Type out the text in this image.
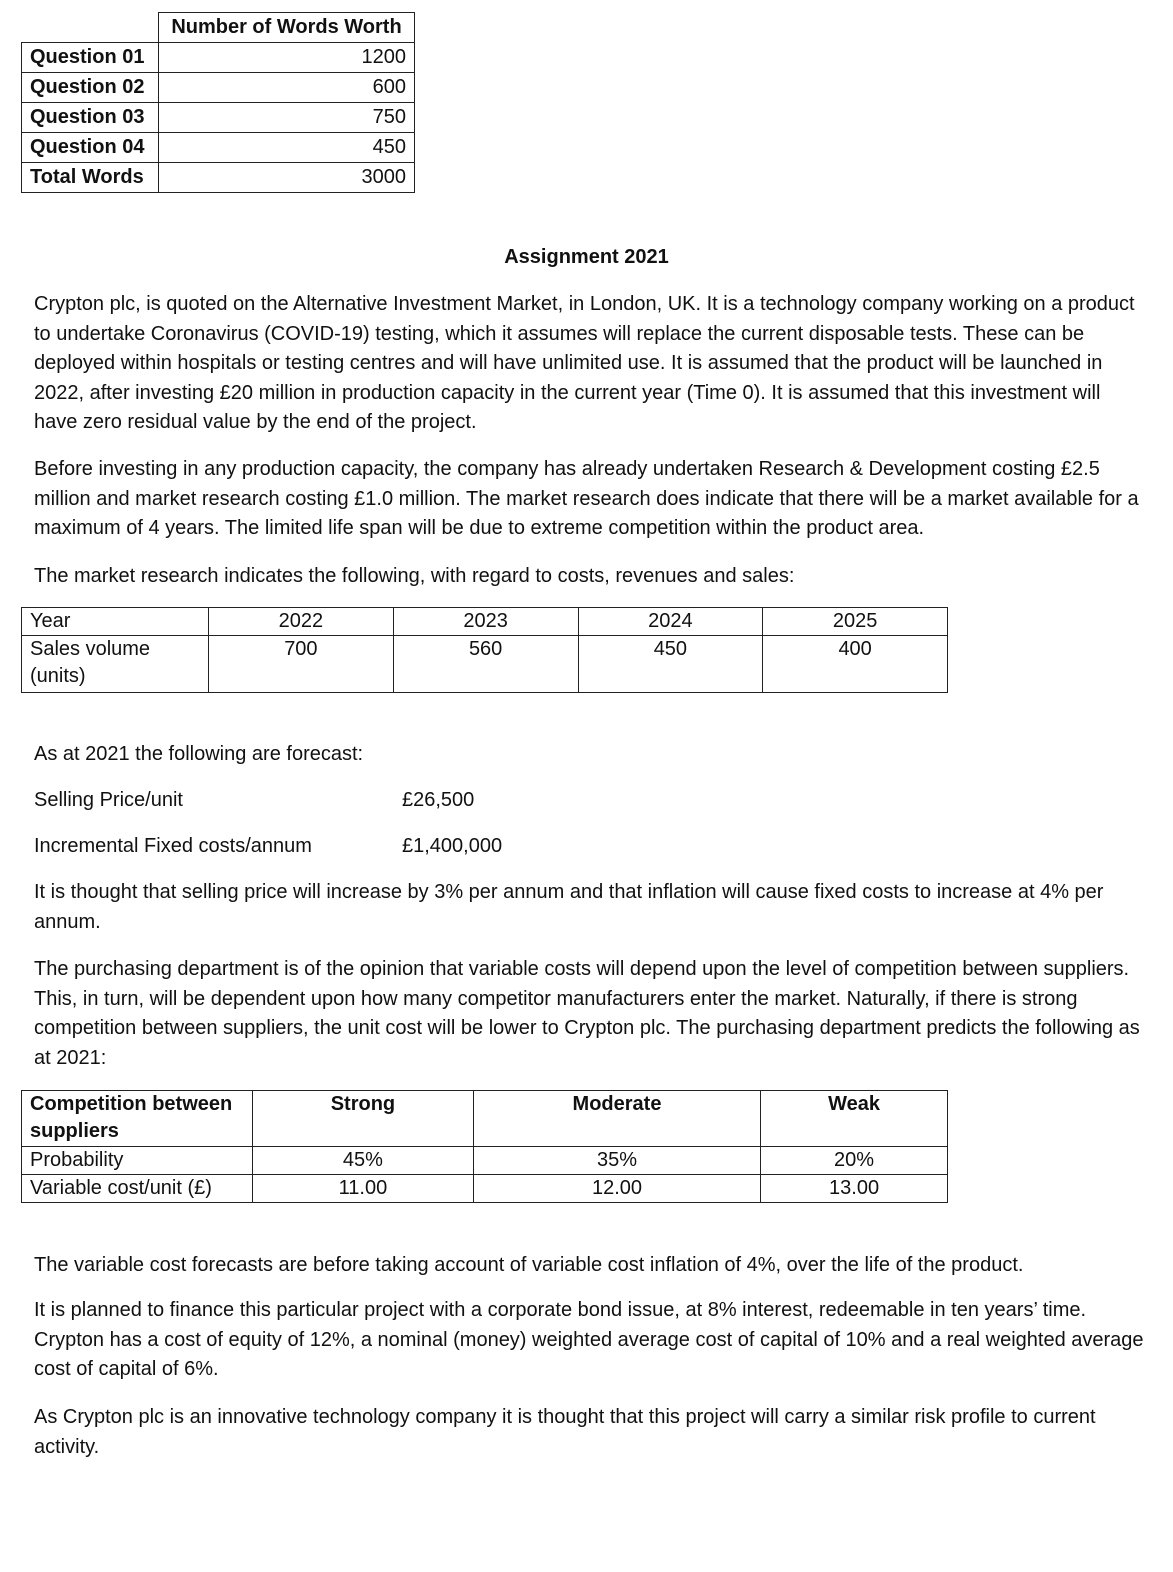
	Number of Words Worth
Question 01	1200
Question 02	600
Question 03	750
Question 04	450
Total Words	3000
Assignment 2021

Crypton plc, is quoted on the Alternative Investment Market, in London, UK. It is a technology company working on a product to undertake Coronavirus (COVID-19) testing, which it assumes will replace the current disposable tests. These can be deployed within hospitals or testing centres and will have unlimited use. It is assumed that the product will be launched in 2022, after investing £20 million in production capacity in the current year (Time 0). It is assumed that this investment will have zero residual value by the end of the project.

Before investing in any production capacity, the company has already undertaken Research & Development costing £2.5 million and market research costing £1.0 million. The market research does indicate that there will be a market available for a maximum of 4 years. The limited life span will be due to extreme competition within the product area.

The market research indicates the following, with regard to costs, revenues and sales:

Year	2022	2023	2024	2025
Sales volume (units)	700	560	450	400

As at 2021 the following are forecast:

Selling Price/unit	£26,500
Incremental Fixed costs/annum	£1,400,000

It is thought that selling price will increase by 3% per annum and that inflation will cause fixed costs to increase at 4% per annum.

The purchasing department is of the opinion that variable costs will depend upon the level of competition between suppliers. This, in turn, will be dependent upon how many competitor manufacturers enter the market. Naturally, if there is strong competition between suppliers, the unit cost will be lower to Crypton plc. The purchasing department predicts the following as at 2021:

Competition between suppliers	Strong	Moderate	Weak
Probability	45%	35%	20%
Variable cost/unit (£)	11.00	12.00	13.00

The variable cost forecasts are before taking account of variable cost inflation of 4%, over the life of the product.

It is planned to finance this particular project with a corporate bond issue, at 8% interest, redeemable in ten years’ time. Crypton has a cost of equity of 12%, a nominal (money) weighted average cost of capital of 10% and a real weighted average cost of capital of 6%.

As Crypton plc is an innovative technology company it is thought that this project will carry a similar risk profile to current activity.
